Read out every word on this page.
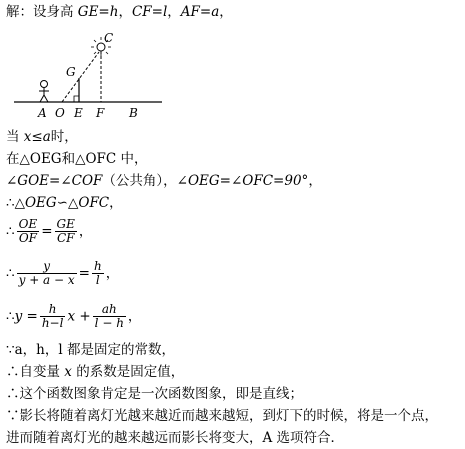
解：设身高 GE=h，CF=l，AF=a，
C
G
A O E F B
当 x≤a时，
在△OEG和△OFC 中，
∠GOE=∠COF（公共角），∠OEG=∠OFC=90°，
∴△OEG∽△OFC，
∴ $\frac{OE}{OF} = \frac{GE}{CF}$ ，
∴ $\frac{y}{y + a - x} = \frac{h}{l}$ ，
∴y = $\frac{h}{h-l}$ $x + \frac{ah}{l - h}$ ，
∵a，h，l 都是固定的常数，
∴自变量 x 的系数是固定值，
∴这个函数图象肯定是一次函数图象，即是直线；
∵影长将随着离灯光越来越近而越来越短，到灯下的时候，将是一个点，
进而随着离灯光的越来越远而影长将变大，A 选项符合．
